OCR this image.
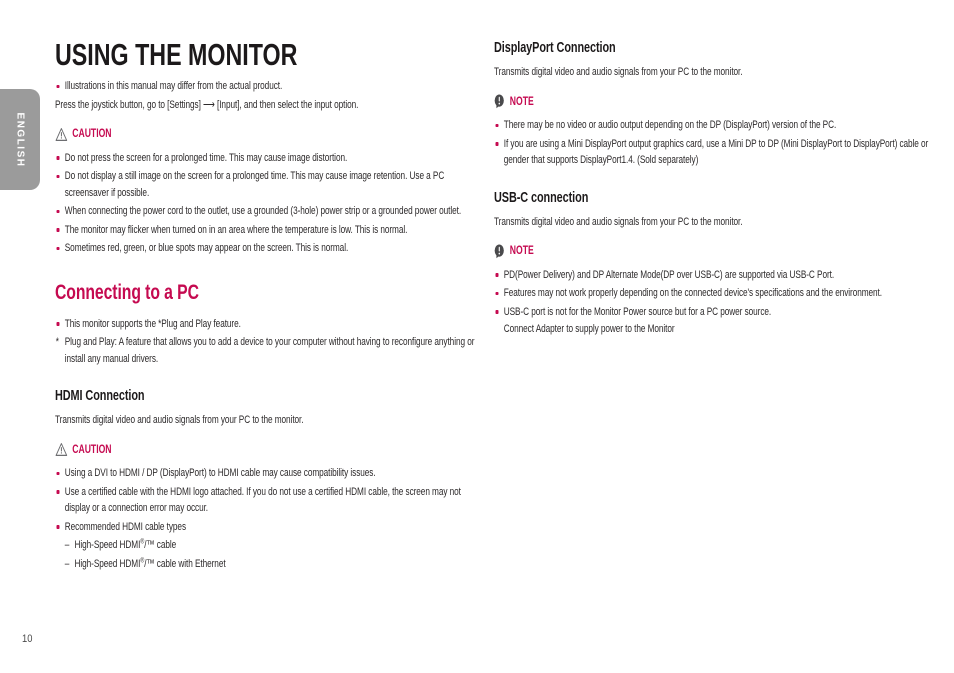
ENGLISH
USING THE MONITOR
Illustrations in this manual may differ from the actual product.

Press the joystick button, go to [Settings] ⟶ [Input], and then select the input option.

CAUTION
Do not press the screen for a prolonged time. This may cause image distortion.
Do not display a still image on the screen for a prolonged time. This may cause image retention. Use a PC screensaver if possible.
When connecting the power cord to the outlet, use a grounded (3-hole) power strip or a grounded power outlet.
The monitor may flicker when turned on in an area where the temperature is low. This is normal.
Sometimes red, green, or blue spots may appear on the screen. This is normal.
Connecting to a PC
This monitor supports the *Plug and Play feature.
* Plug and Play: A feature that allows you to add a device to your computer without having to reconfigure anything or install any manual drivers.
HDMI Connection

Transmits digital video and audio signals from your PC to the monitor.

CAUTION
Using a DVI to HDMI / DP (DisplayPort) to HDMI cable may cause compatibility issues.
Use a certified cable with the HDMI logo attached. If you do not use a certified HDMI cable, the screen may not display or a connection error may occur.
Recommended HDMI cable types
– High-Speed HDMI®/™ cable
– High-Speed HDMI®/™ cable with Ethernet
DisplayPort Connection

Transmits digital video and audio signals from your PC to the monitor.

NOTE
There may be no video or audio output depending on the DP (DisplayPort) version of the PC.
If you are using a Mini DisplayPort output graphics card, use a Mini DP to DP (Mini DisplayPort to DisplayPort) cable or gender that supports DisplayPort1.4. (Sold separately)
USB-C connection

Transmits digital video and audio signals from your PC to the monitor.

NOTE
PD(Power Delivery) and DP Alternate Mode(DP over USB-C) are supported via USB-C Port.
Features may not work properly depending on the connected device's specifications and the environment.
USB-C port is not for the Monitor Power source but for a PC power source.
Connect Adapter to supply power to the Monitor
10
